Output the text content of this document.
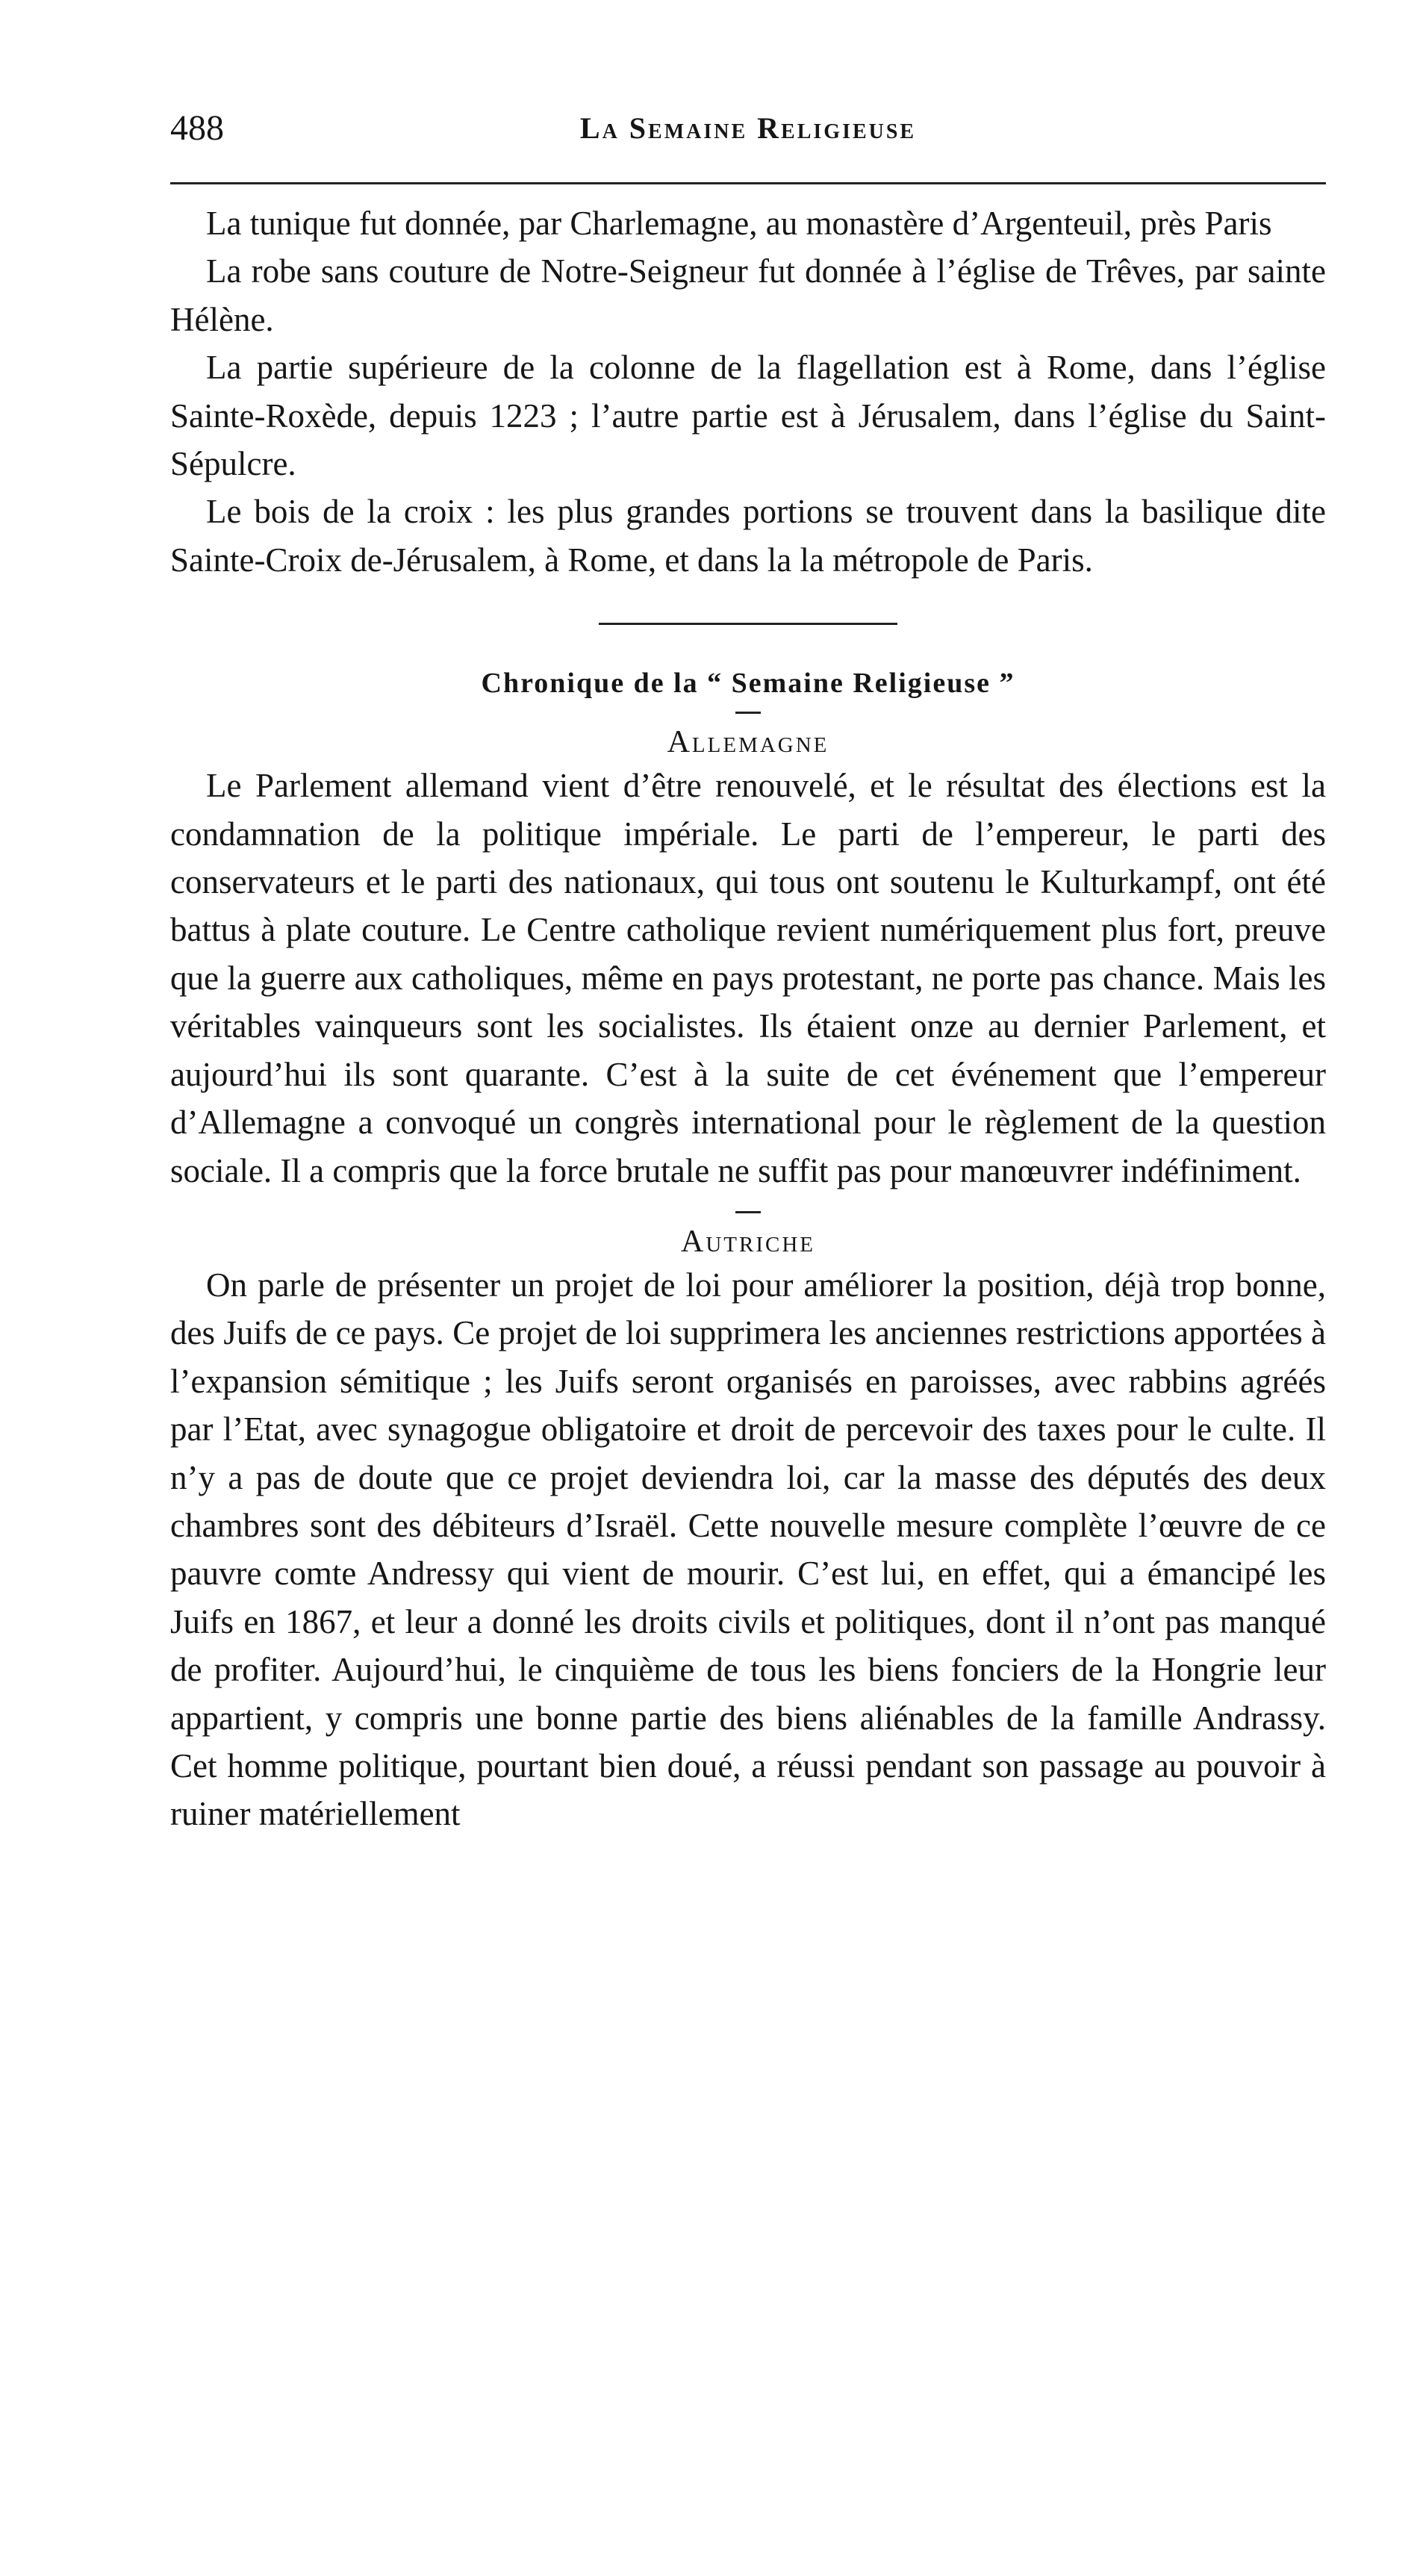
488	La Semaine Religieuse

La tunique fut donnée, par Charlemagne, au monastère d’Argenteuil, près Paris

La robe sans couture de Notre-Seigneur fut donnée à l’église de Trêves, par sainte Hélène.

La partie supérieure de la colonne de la flagellation est à Rome, dans l’église Sainte-Roxède, depuis 1223 ; l’autre partie est à Jérusalem, dans l’église du Saint-Sépulcre.

Le bois de la croix : les plus grandes portions se trouvent dans la basilique dite Sainte-Croix de-Jérusalem, à Rome, et dans la la métropole de Paris.

Chronique de la “ Semaine Religieuse ”
Allemagne

Le Parlement allemand vient d’être renouvelé, et le résultat des élections est la condamnation de la politique impériale. Le parti de l’empereur, le parti des conservateurs et le parti des nationaux, qui tous ont soutenu le Kulturkampf, ont été battus à plate couture. Le Centre catholique revient numériquement plus fort, preuve que la guerre aux catholiques, même en pays protestant, ne porte pas chance. Mais les véritables vainqueurs sont les socialistes. Ils étaient onze au dernier Parlement, et aujourd’hui ils sont quarante. C’est à la suite de cet événement que l’empereur d’Allemagne a convoqué un congrès international pour le règlement de la question sociale. Il a compris que la force brutale ne suffit pas pour manœuvrer indéfiniment.

Autriche

On parle de présenter un projet de loi pour améliorer la position, déjà trop bonne, des Juifs de ce pays. Ce projet de loi supprimera les anciennes restrictions apportées à l’expansion sémitique ; les Juifs seront organisés en paroisses, avec rabbins agréés par l’Etat, avec synagogue obligatoire et droit de percevoir des taxes pour le culte. Il n’y a pas de doute que ce projet deviendra loi, car la masse des députés des deux chambres sont des débiteurs d’Israël. Cette nouvelle mesure complète l’œuvre de ce pauvre comte Andressy qui vient de mourir. C’est lui, en effet, qui a émancipé les Juifs en 1867, et leur a donné les droits civils et politiques, dont il n’ont pas manqué de profiter. Aujourd’hui, le cinquième de tous les biens fonciers de la Hongrie leur appartient, y compris une bonne partie des biens aliénables de la famille Andrassy. Cet homme politique, pourtant bien doué, a réussi pendant son passage au pouvoir à ruiner matériellement
